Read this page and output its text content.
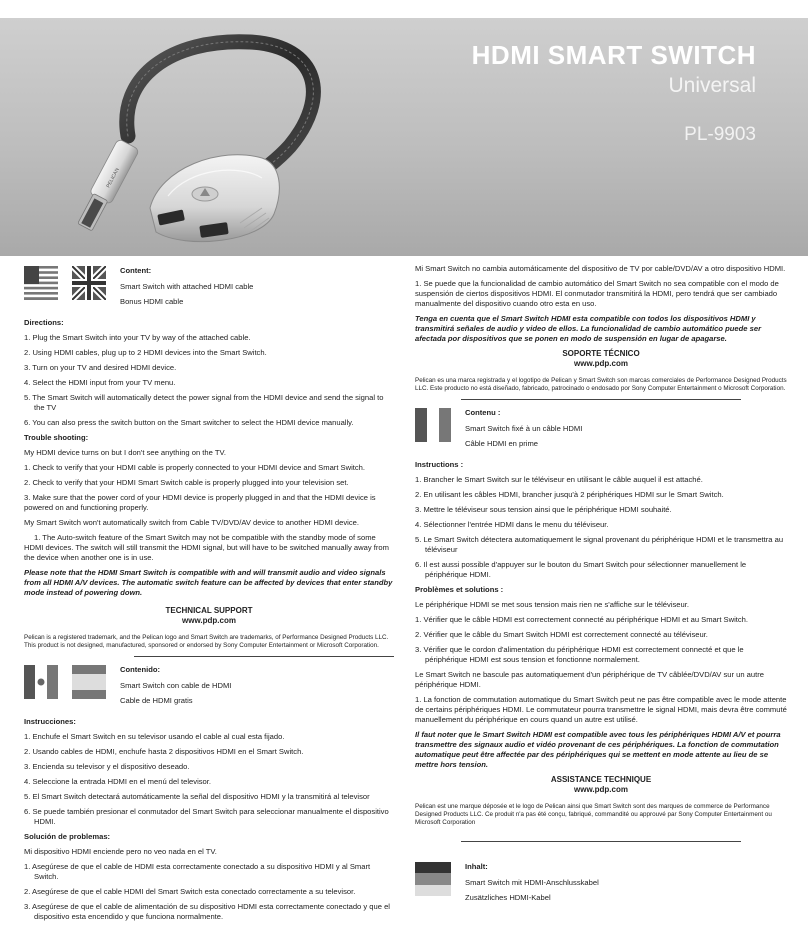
PELICAN
HDMI SMART SWITCH
Universal
PL-9903

Content:

Smart Switch with attached HDMI cable

Bonus HDMI cable

Directions:

1. Plug the Smart Switch into your TV by way of the attached cable.

2. Using HDMI cables, plug up to 2 HDMI devices into the Smart Switch.

3. Turn on your TV and desired HDMI device.

4. Select the HDMI input from your TV menu.

5. The Smart Switch will automatically detect the power signal from the HDMI device and send the signal to the TV

6. You can also press the switch button on the Smart switcher to select the HDMI device manually.

Trouble shooting:

My HDMI device turns on but I don't see anything on the TV.

1. Check to verify that your HDMI cable is properly connected to your HDMI device and Smart Switch.

2. Check to verify that your HDMI Smart Switch cable is properly plugged into your television set.

3. Make sure that the power cord of your HDMI device is properly plugged in and that the HDMI device is powered on and functioning properly.

My Smart Switch won't automatically switch from Cable TV/DVD/AV device to another HDMI device.

1. The Auto-switch feature of the Smart Switch may not be compatible with the standby mode of some HDMI devices. The switch will still transmit the HDMI signal, but will have to be switched manually away from the device when another one is in use.

Please note that the HDMI Smart Switch is compatible with and will transmit audio and video signals from all HDMI A/V devices. The automatic switch feature can be affected by devices that enter standby mode instead of powering down.

TECHNICAL SUPPORT

www.pdp.com

Pelican is a registered trademark, and the Pelican logo and Smart Switch are trademarks, of Performance Designed Products LLC. This product is not designed, manufactured, sponsored or endorsed by Sony Computer Entertainment or Microsoft Corporation.

Contenido:

Smart Switch con cable de HDMI

Cable de HDMI gratis

Instrucciones:

1. Enchufe el Smart Switch en su televisor usando el cable al cual esta fijado.

2. Usando cables de HDMI, enchufe hasta 2 dispositivos HDMI en el Smart Switch.

3. Encienda su televisor y el dispositivo deseado.

4. Seleccione la entrada HDMI en el menú del televisor.

5. El Smart Switch detectará automáticamente la señal del dispositivo HDMI y la transmitirá al televisor

6. Se puede también presionar el conmutador del Smart Switch para seleccionar manualmente el dispositivo HDMI.

Solución de problemas:

Mi dispositivo HDMI enciende pero no veo nada en el TV.

1. Asegúrese de que el cable de HDMI esta correctamente conectado a su dispositivo HDMI y al Smart Switch.

2. Asegúrese de que el cable HDMI del Smart Switch esta conectado correctamente a su televisor.

3. Asegúrese de que el cable de alimentación de su dispositivo HDMI esta correctamente conectado y que el dispositivo esta encendido y que funciona normalmente.

Mi Smart Switch no cambia automáticamente del dispositivo de TV por cable/DVD/AV a otro dispositivo HDMI.

1. Se puede que la funcionalidad de cambio automático del Smart Switch no sea compatible con el modo de suspensión de ciertos dispositivos HDMI. El conmutador transmitirá la HDMI, pero tendrá que ser cambiado manualmente del dispositivo cuando otro esta en uso.

Tenga en cuenta que el Smart Switch HDMI esta compatible con todos los dispositivos HDMI y transmitirá señales de audio y video de ellos. La funcionalidad de cambio automático puede ser afectada por dispositivos que se ponen en modo de suspensión en lugar de apagarse.

SOPORTE TÉCNICO

www.pdp.com

Pelican es una marca registrada y el logotipo de Pelican y Smart Switch son marcas comerciales de Performance Designed Products LLC. Este producto no está diseñado, fabricado, patrocinado o endosado por Sony Computer Entertainment o Microsoft Corporation.

Contenu :

Smart Switch fixé à un câble HDMI

Câble HDMI en prime

Instructions :

1. Brancher le Smart Switch sur le téléviseur en utilisant le câble auquel il est attaché.

2. En utilisant les câbles HDMI, brancher jusqu'à 2 périphériques HDMI sur le Smart Switch.

3. Mettre le téléviseur sous tension ainsi que le périphérique HDMI souhaité.

4. Sélectionner l'entrée HDMI dans le menu du téléviseur.

5. Le Smart Switch détectera automatiquement le signal provenant du périphérique HDMI et le transmettra au téléviseur

6. Il est aussi possible d'appuyer sur le bouton du Smart Switch pour sélectionner manuellement le périphérique HDMI.

Problèmes et solutions :

Le périphérique HDMI se met sous tension mais rien ne s'affiche sur le téléviseur.

1. Vérifier que le câble HDMI est correctement connecté au périphérique HDMI et au Smart Switch.

2. Vérifier que le câble du Smart Switch HDMI est correctement connecté au téléviseur.

3. Vérifier que le cordon d'alimentation du périphérique HDMI est correctement connecté et que le périphérique HDMI est sous tension et fonctionne normalement.

Le Smart Switch ne bascule pas automatiquement d'un périphérique de TV câblée/DVD/AV sur un autre périphérique HDMI.

1. La fonction de commutation automatique du Smart Switch peut ne pas être compatible avec le mode attente de certains périphériques HDMI. Le commutateur pourra transmettre le signal HDMI, mais devra être commuté manuellement du périphérique en cours quand un autre est utilisé.

Il faut noter que le Smart Switch HDMI est compatible avec tous les périphériques HDMI A/V et pourra transmettre des signaux audio et vidéo provenant de ces périphériques. La fonction de commutation automatique peut être affectée par des périphériques qui se mettent en mode attente au lieu de se mettre hors tension.

ASSISTANCE TECHNIQUE

www.pdp.com

Pelican est une marque déposée et le logo de Pelican ainsi que Smart Switch sont des marques de commerce de Performance Designed Products LLC. Ce produit n'a pas été conçu, fabriqué, commandité ou approuvé par Sony Computer Entertainment ou Microsoft Corporation

Inhalt:

Smart Switch mit HDMI-Anschlusskabel

Zusätzliches HDMI-Kabel
